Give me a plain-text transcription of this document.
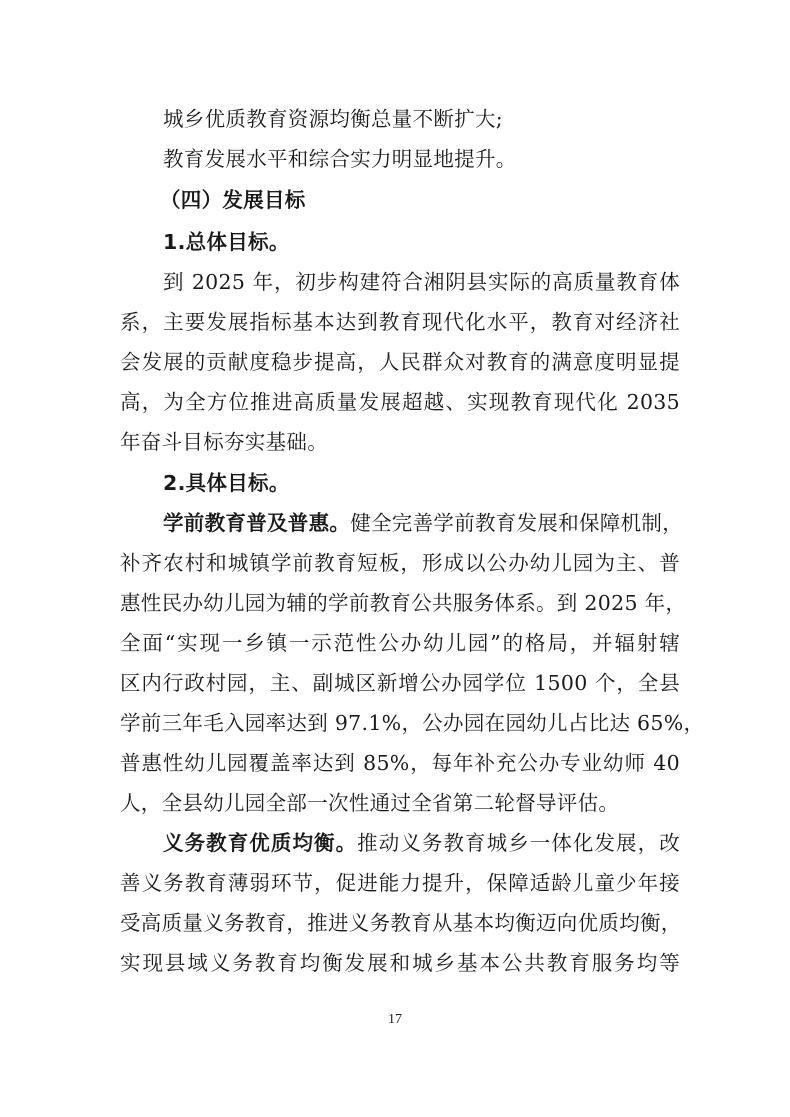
城乡优质教育资源均衡总量不断扩大;
教育发展水平和综合实力明显地提升。
（四）发展目标
1.总体目标。
到 2025 年，初步构建符合湘阴县实际的高质量教育体
系，主要发展指标基本达到教育现代化水平，教育对经济社
会发展的贡献度稳步提高，人民群众对教育的满意度明显提
高，为全方位推进高质量发展超越、实现教育现代化 2035
年奋斗目标夯实基础。
2.具体目标。
学前教育普及普惠。健全完善学前教育发展和保障机制，
补齐农村和城镇学前教育短板，形成以公办幼儿园为主、普
惠性民办幼儿园为辅的学前教育公共服务体系。到 2025 年，
全面“实现一乡镇一示范性公办幼儿园”的格局，并辐射辖
区内行政村园，主、副城区新增公办园学位 1500 个，全县
学前三年毛入园率达到 97.1%，公办园在园幼儿占比达 65%，
普惠性幼儿园覆盖率达到 85%，每年补充公办专业幼师 40
人，全县幼儿园全部一次性通过全省第二轮督导评估。
义务教育优质均衡。推动义务教育城乡一体化发展，改
善义务教育薄弱环节，促进能力提升，保障适龄儿童少年接
受高质量义务教育，推进义务教育从基本均衡迈向优质均衡，
实现县域义务教育均衡发展和城乡基本公共教育服务均等
17
